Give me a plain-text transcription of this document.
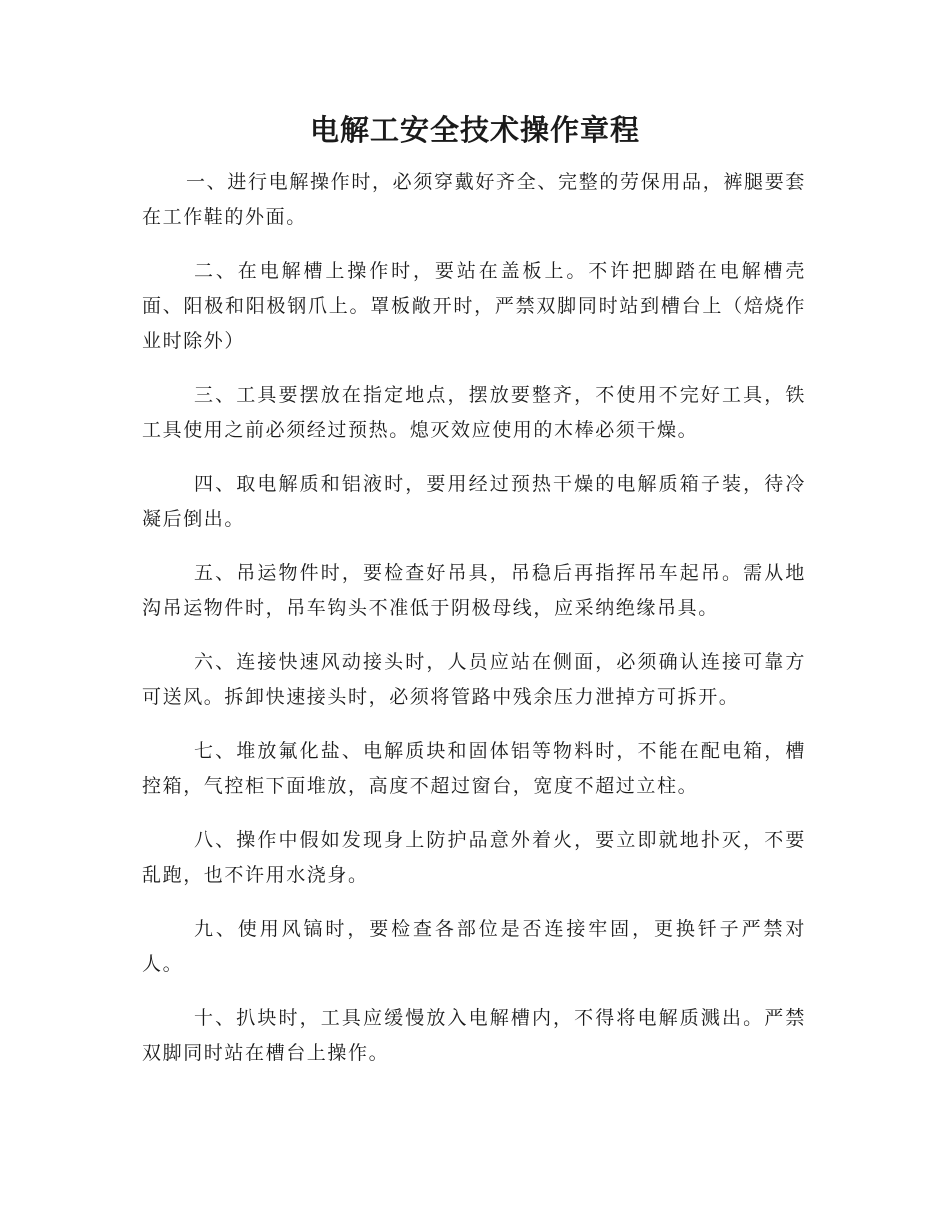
电解工安全技术操作章程

一、进行电解操作时，必须穿戴好齐全、完整的劳保用品，裤腿要套在工作鞋的外面。

二、在电解槽上操作时，要站在盖板上。不许把脚踏在电解槽壳面、阳极和阳极钢爪上。罩板敞开时，严禁双脚同时站到槽台上（焙烧作业时除外）

三、工具要摆放在指定地点，摆放要整齐，不使用不完好工具，铁工具使用之前必须经过预热。熄灭效应使用的木棒必须干燥。

四、取电解质和铝液时，要用经过预热干燥的电解质箱子装，待冷凝后倒出。

五、吊运物件时，要检查好吊具，吊稳后再指挥吊车起吊。需从地沟吊运物件时，吊车钩头不准低于阴极母线，应采纳绝缘吊具。

六、连接快速风动接头时，人员应站在侧面，必须确认连接可靠方可送风。拆卸快速接头时，必须将管路中残余压力泄掉方可拆开。

七、堆放氟化盐、电解质块和固体铝等物料时，不能在配电箱，槽控箱，气控柜下面堆放，高度不超过窗台，宽度不超过立柱。

八、操作中假如发现身上防护品意外着火，要立即就地扑灭，不要乱跑，也不许用水浇身。

九、使用风镐时，要检查各部位是否连接牢固，更换钎子严禁对人。

十、扒块时，工具应缓慢放入电解槽内，不得将电解质溅出。严禁双脚同时站在槽台上操作。
